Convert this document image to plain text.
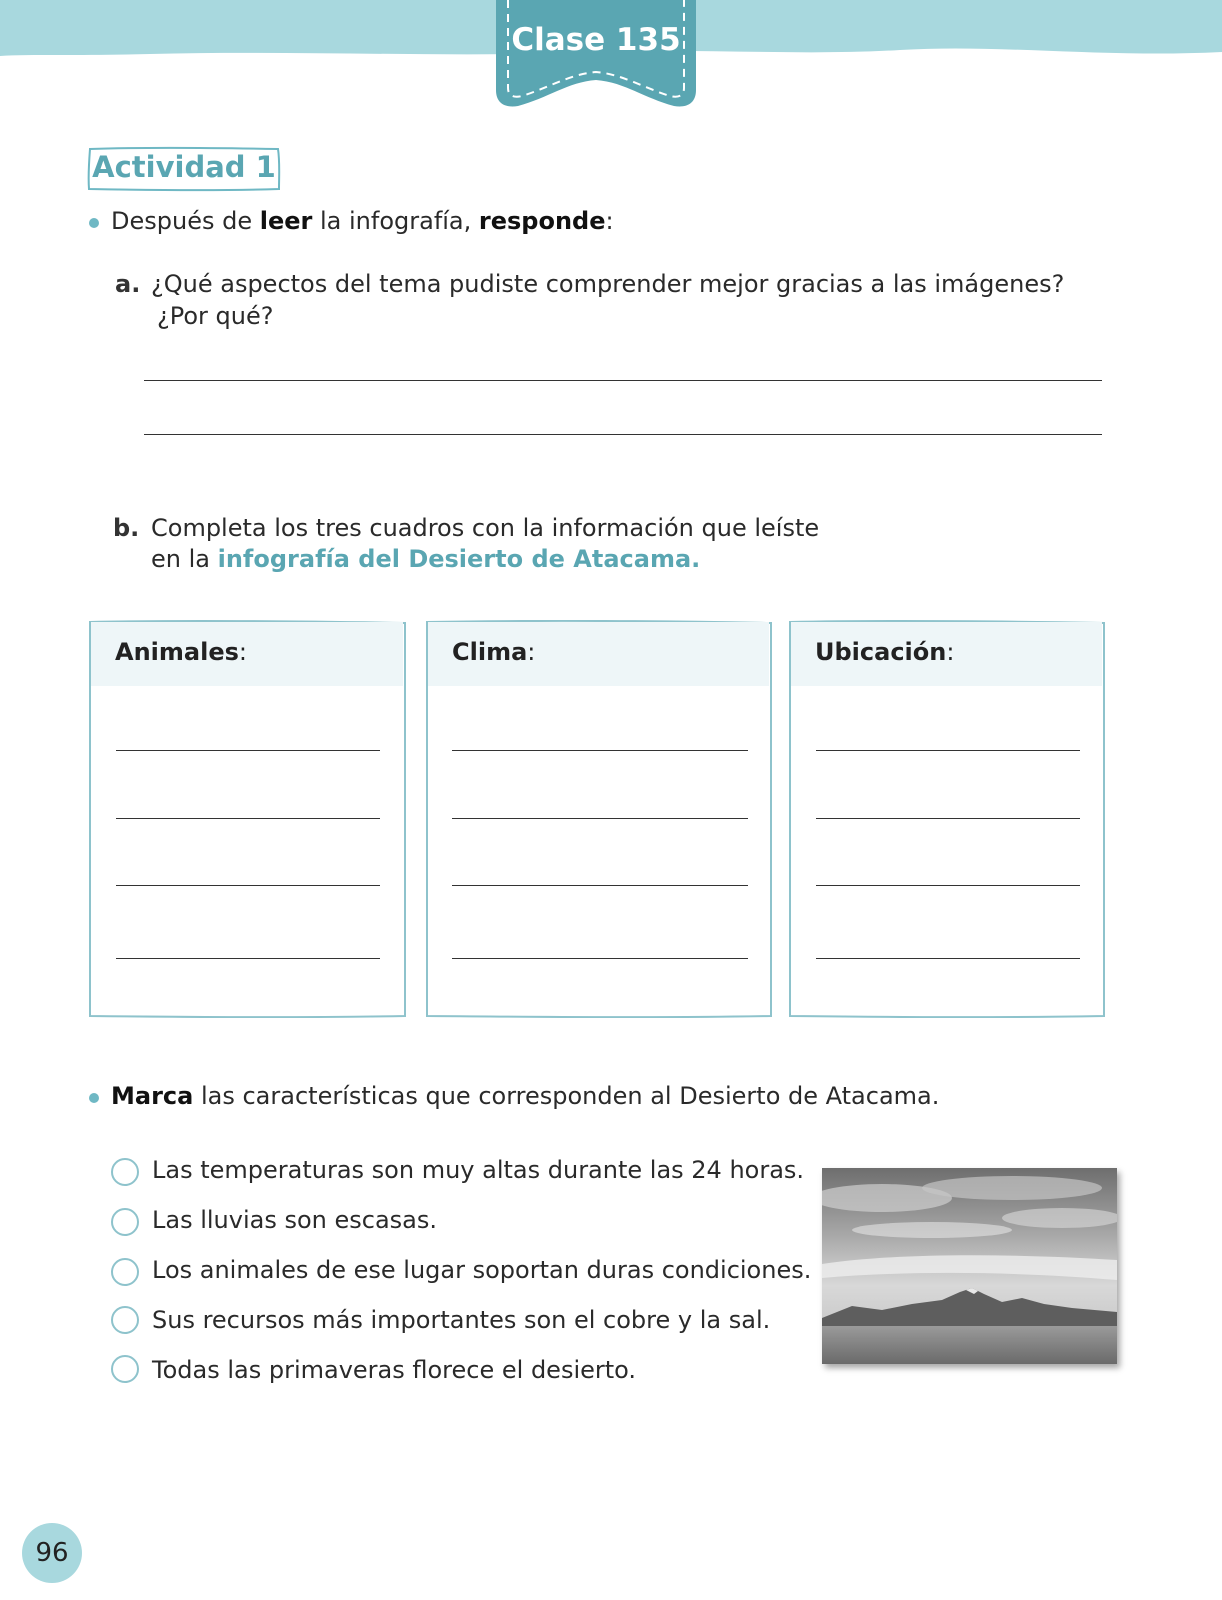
Clase 135
Actividad 1
Después de leer la infografía, responde:
a. ¿Qué aspectos del tema pudiste comprender mejor gracias a las imágenes?
¿Por qué?
b. Completa los tres cuadros con la información que leíste
en la infografía del Desierto de Atacama.
Animales:	Clima:	Ubicación:
Marca las características que corresponden al Desierto de Atacama.
Las temperaturas son muy altas durante las 24 horas.
Las lluvias son escasas.
Los animales de ese lugar soportan duras condiciones.
Sus recursos más importantes son el cobre y la sal.
Todas las primaveras florece el desierto.
96
